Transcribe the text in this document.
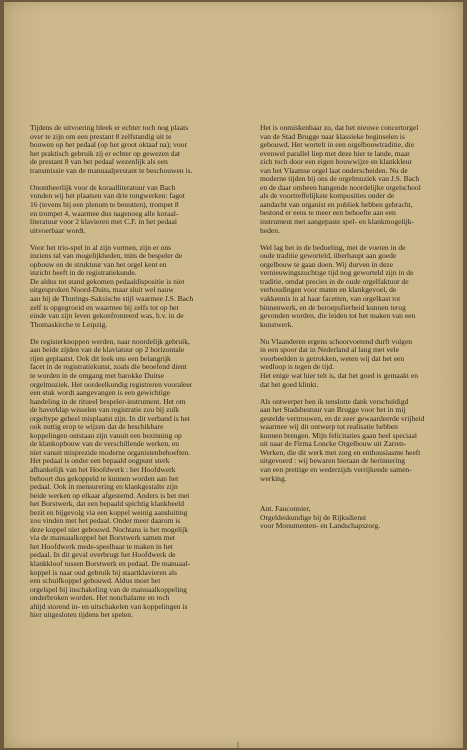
Tijdens de uitvoering bleek er echter toch nog plaats
over te zijn om een prestant 8 zelfstandig uit te
bouwen op het pedaal (op het groot oktaaf na); voor
het praktisch gebruik zij er echter op gewezen dat
de prestant 8 van het pedaal wezenlijk als een
transmissie van de manuaalprestant te beschouwen is.

Onontbeerlijk voor de koraalliteratuur van Bach
vonden wij het plaatsen van drie tongwerken: fagot
16 (tevens bij een plenum te benutten), trompet 8
en trompet 4, waarmee dus nagenoeg alle koraal-
literatuur voor 2 klavieren met C.F. in het pedaal
uitvoerbaar wordt.

Voor het trio-spel in al zijn vormen, zijn er ons
inziens tal van mogelijkheden, mits de bespeler de
opbouw en de struktuur van het orgel kent en
inzicht heeft in de registratiekunde.
De aldus tot stand gekomen pedaaldispositie is niet
uitgesproken Noord-Duits, maar sluit wel nauw
aan bij de Thurings-Saksische stijl waarmee J.S. Bach
zelf is opgegroeid en waarmee hij zelfs tot op het
einde van zijn leven gekonfronteerd was, b.v. in de
Thomaskirche te Leipzig.

De registerknoppen werden, naar noordelijk gebruik,
aan beide zijden van de klaviatuur op 2 horizontale
rijen geplaatst. Ook dit leek ons een belangrijk
facet in de registratiekunst, zoals die beoefend dient
te worden in de omgang met barokke Duitse
orgelmuziek. Het oordeelkundig registreren vooraleer
een stuk wordt aangevangen is een gewichtige
handeling in de ritueel bespeler-instrument. Het om
de haverklap wisselen van registratie zou bij zulk
orgeltype geheel misplaatst zijn. In dit verband is het
ook nuttig erop te wijzen dat de beschikbare
koppelingen ontstaan zijn vanuit een bezinning op
de klankopbouw van de verschillende werken, en
niet vanuit misprezide moderne organistenbehoeften.
Het pedaal is onder een bepaald oogpunt sterk
afhankelijk van het Hoofdwerk : het Hoofdwerk
behoort dus gekoppeld te kunnen worden aan het
pedaal. Ook in mensurering en klankgestalte zijn
beide werken op elkaar afgestemd. Anders is het met
het Borstwerk, dat een bepaald spichtig klankbeeld
bezit en bijgevolg via een koppel weinig aansluiting
zou vinden met het pedaal. Onder meer daarom is
deze koppel niet gebouwd. Nochtans is het mogelijk
via de manuaalkoppel het Borstwerk samen met
het Hoofdwerk mede-speelbaar te maken in het
pedaal. In dit geval overbrugt het Hoofdwerk de
klankkloof tussen Borstwerk en pedaal. De manuaal-
koppel is naar oud gebruik bij staartklavieren als
een schuifkoppel gebouwd. Aldus moet het
orgelspel bij inschakeling van de manuaalkoppeling
onderbroken worden. Het nonchalante en toch
altijd storend in- en uitschakelen van koppelingen is
hier uitgesloten tijdens het spelen.

Het is onmiskenbaar zo, dat het nieuwe concertorgel
van de Stad Brugge naar klassieke beginselen is
gebouwd. Het wortelt in een orgelbouwtraditie, die
evenwel parallel liep met deze hier te lande, maar
zich toch door een eigen bouwwijze en klankkleur
van het Vlaamse orgel laat onderscheiden. Nu de
moderne tijden bij ons de orgelmuziek van J.S. Bach
en de daar omheen hangende noordelijke orgelschool
als de voortreffelijkste komposities onder de
aandacht van organist en publiek hebben gebracht,
bestond er eens te meer een behoefte aan een
instrument met aangepaste spel- en klankmogelijk-
heden.

Wel lag het in de bedoeling, met de voeten in de
oude traditie geworteld, überhaupt aan goede
orgelbouw te gaan doen. Wij durven in deze
vernieuwingszuchtige tijd nog geworteld zijn in de
traditie, omdat precies in de oude orgelfaktuur de
verhoudingen voor maten en klankgevoel, de
vakkennis in al haar facetten, van orgelkast tot
binnenwerk, en de beroepsfierheid kunnen terug
gevonden worden, die leiden tot het maken van een
kunstwerk.

Nu Vlaanderen ergens schoorvoetend durft volgen
in een spoor dat in Nederland al lang met vele
voorbeelden is getrokken, weten wij dat het een
wedloop is tegen de tijd.
Het enige wat hier telt is, dat het goed is gemaakt en
dat het goed klinkt.

Als ontwerper ben ik tenslotte dank verschuldigd
aan het Stadsbestuur van Brugge voor het in mij
gestelde vertrouwen, en de zeer gewaardeerde vrijheid
waarmee wij dit ontwerp tot realisatie hebben
kunnen brengen. Mijn felicitaties gaan heel speciaal
uit naar de Firma Loncke Orgelbouw uit Zarren-
Werken, die dit werk met zorg en enthousiasme heeft
uitgevoerd : wij bewaren hieraan de herinnering
van een prettige en wederzijds verrijkende samen-
werking.

Ant. Fauconnier,
Orgeldeskundige bij de Rijksdienst
voor Monumenten- en Landschapszorg.
